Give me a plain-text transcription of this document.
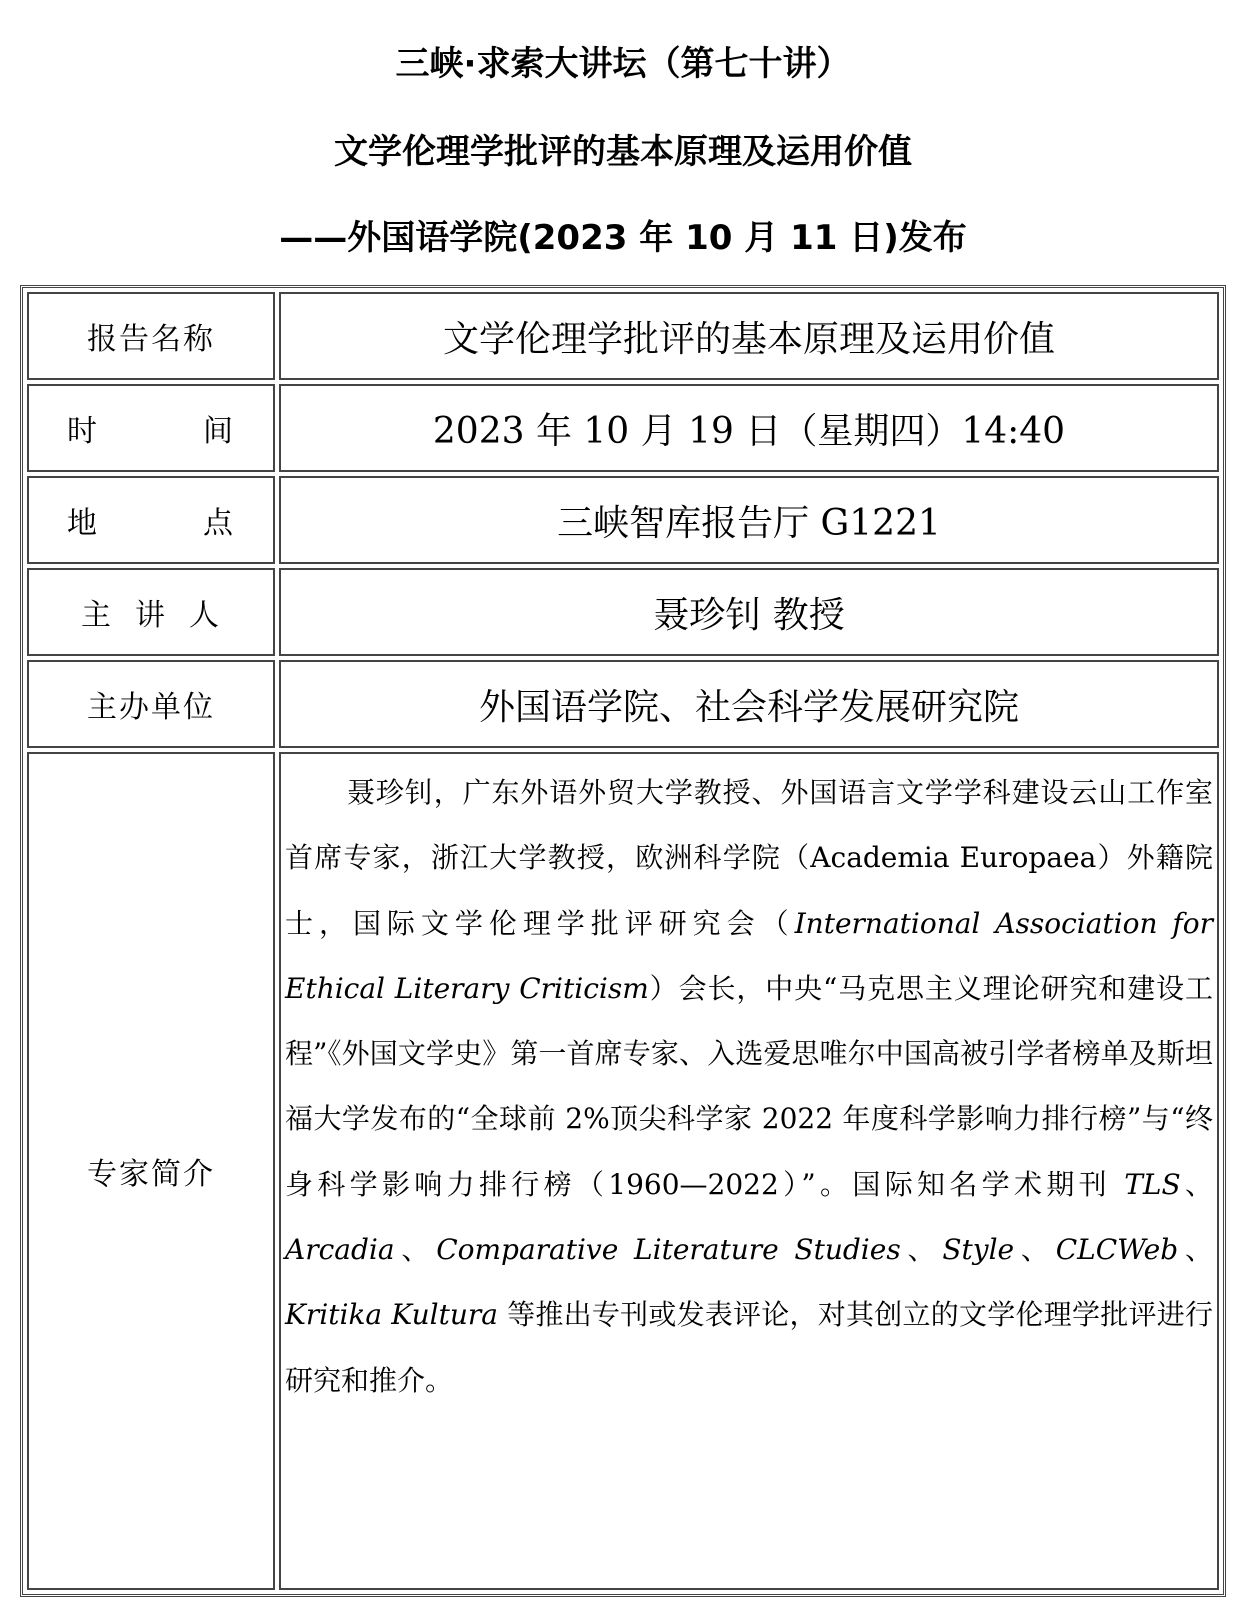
三峡·求索大讲坛（第七十讲）
文学伦理学批评的基本原理及运用价值
——外国语学院(2023 年 10 月 11 日)发布
报告名称	文学伦理学批评的基本原理及运用价值
时间	2023 年 10 月 19 日（星期四）14:40
地点	三峡智库报告厅 G1221
主讲人	聂珍钊 教授
主办单位	外国语学院、社会科学发展研究院
专家简介	聂珍钊，广东外语外贸大学教授、外国语言文学学科建设云山工作室首席专家，浙江大学教授，欧洲科学院（Academia Europaea）外籍院士，国际文学伦理学批评研究会（International Association for Ethical Literary Criticism）会长，中央“马克思主义理论研究和建设工程”《外国文学史》第一首席专家、入选爱思唯尔中国高被引学者榜单及斯坦福大学发布的“全球前 2%顶尖科学家 2022 年度科学影响力排行榜”与“终身科学影响力排行榜（1960—2022）”。国际知名学术期刊 TLS、Arcadia、Comparative Literature Studies、Style、CLCWeb、Kritika Kultura 等推出专刊或发表评论，对其创立的文学伦理学批评进行研究和推介。
